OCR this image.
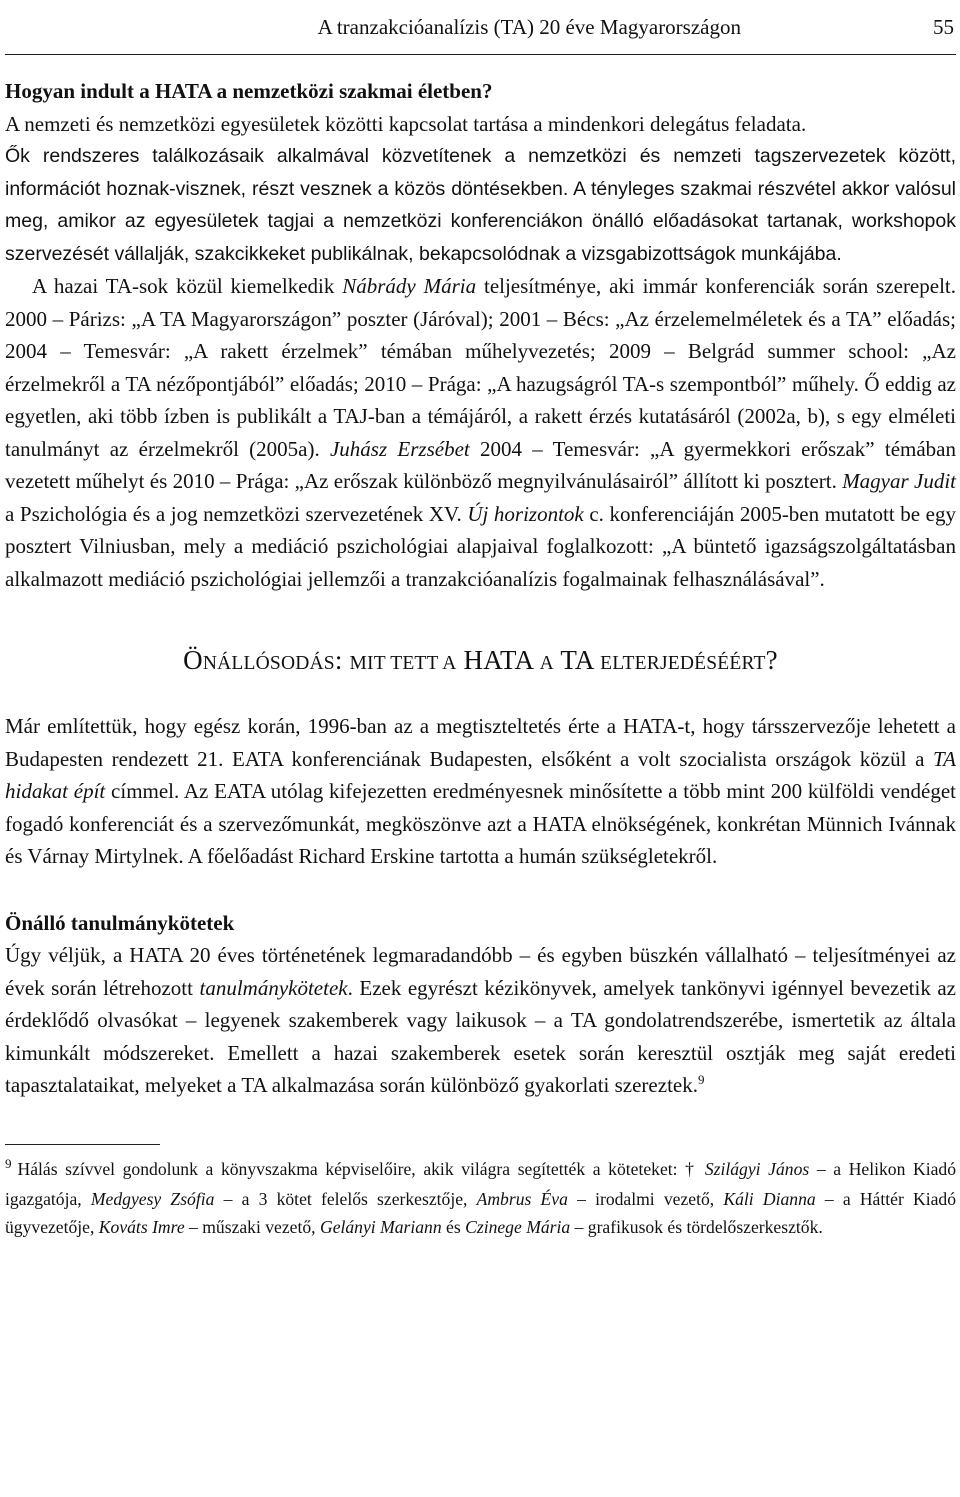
A tranzakcióanalízis (TA) 20 éve Magyarországon	55
Hogyan indult a HATA a nemzetközi szakmai életben?

A nemzeti és nemzetközi egyesületek közötti kapcsolat tartása a mindenkori delegátus feladata.

Ők rendszeres találkozásaik alkalmával közvetítenek a nemzetközi és nemzeti tagszervezetek között, információt hoznak-visznek, részt vesznek a közös döntésekben. A tényleges szakmai részvétel akkor valósul meg, amikor az egyesületek tagjai a nemzetközi konferenciákon önálló előadásokat tartanak, workshopok szervezését vállalják, szakcikkeket publikálnak, bekapcsolódnak a vizsgabizottságok munkájába.

A hazai TA-sok közül kiemelkedik Nábrády Mária teljesítménye, aki immár konferenciák során szerepelt. 2000 – Párizs: „A TA Magyarországon” poszter (Járóval); 2001 – Bécs: „Az érzelemelméletek és a TA” előadás; 2004 – Temesvár: „A rakett érzelmek” témában műhelyvezetés; 2009 – Belgrád summer school: „Az érzelmekről a TA nézőpontjából” előadás; 2010 – Prága: „A hazugságról TA-s szempontból” műhely. Ő eddig az egyetlen, aki több ízben is publikált a TAJ-ban a témájáról, a rakett érzés kutatásáról (2002a, b), s egy elméleti tanulmányt az érzelmekről (2005a). Juhász Erzsébet 2004 – Temesvár: „A gyermekkori erőszak” témában vezetett műhelyt és 2010 – Prága: „Az erőszak különböző megnyilvánulásairól” állított ki posztert. Magyar Judit a Pszichológia és a jog nemzetközi szervezetének XV. Új horizontok c. konferenciáján 2005-ben mutatott be egy posztert Vilniusban, mely a mediáció pszichológiai alapjaival foglalkozott: „A büntető igazságszolgáltatásban alkalmazott mediáció pszichológiai jellemzői a tranzakcióanalízis fogalmainak felhasználásával”.

ÖNÁLLÓSODÁS: MIT TETT A HATA A TA ELTERJEDÉSÉÉRT?

Már említettük, hogy egész korán, 1996-ban az a megtiszteltetés érte a HATA-t, hogy társszervezője lehetett a Budapesten rendezett 21. EATA konferenciának Budapesten, elsőként a volt szocialista országok közül a TA hidakat épít címmel. Az EATA utólag kifejezetten eredményesnek minősítette a több mint 200 külföldi vendéget fogadó konferenciát és a szervezőmunkát, megköszönve azt a HATA elnökségének, konkrétan Münnich Ivánnak és Várnay Mirtylnek. A főelőadást Richard Erskine tartotta a humán szükségletekről.

Önálló tanulmánykötetek

Úgy véljük, a HATA 20 éves történetének legmaradandóbb – és egyben büszkén vállalható – teljesítményei az évek során létrehozott tanulmánykötetek. Ezek egyrészt kézikönyvek, amelyek tankönyvi igénnyel bevezetik az érdeklődő olvasókat – legyenek szakemberek vagy laikusok – a TA gondolatrendszerébe, ismertetik az általa kimunkált módszereket. Emellett a hazai szakemberek esetek során keresztül osztják meg saját eredeti tapasztalataikat, melyeket a TA alkalmazása során különböző gyakorlati szereztek.$^9$

$^9$ Hálás szívvel gondolunk a könyvszakma képviselőire, akik világra segítették a köteteket: † Szilágyi János – a Helikon Kiadó igazgatója, Medgyesy Zsófia – a 3 kötet felelős szerkesztője, Ambrus Éva – irodalmi vezető, Káli Dianna – a Háttér Kiadó ügyvezetője, Kováts Imre – műszaki vezető, Gelányi Mariann és Czinege Mária – grafikusok és tördelőszerkesztők.
